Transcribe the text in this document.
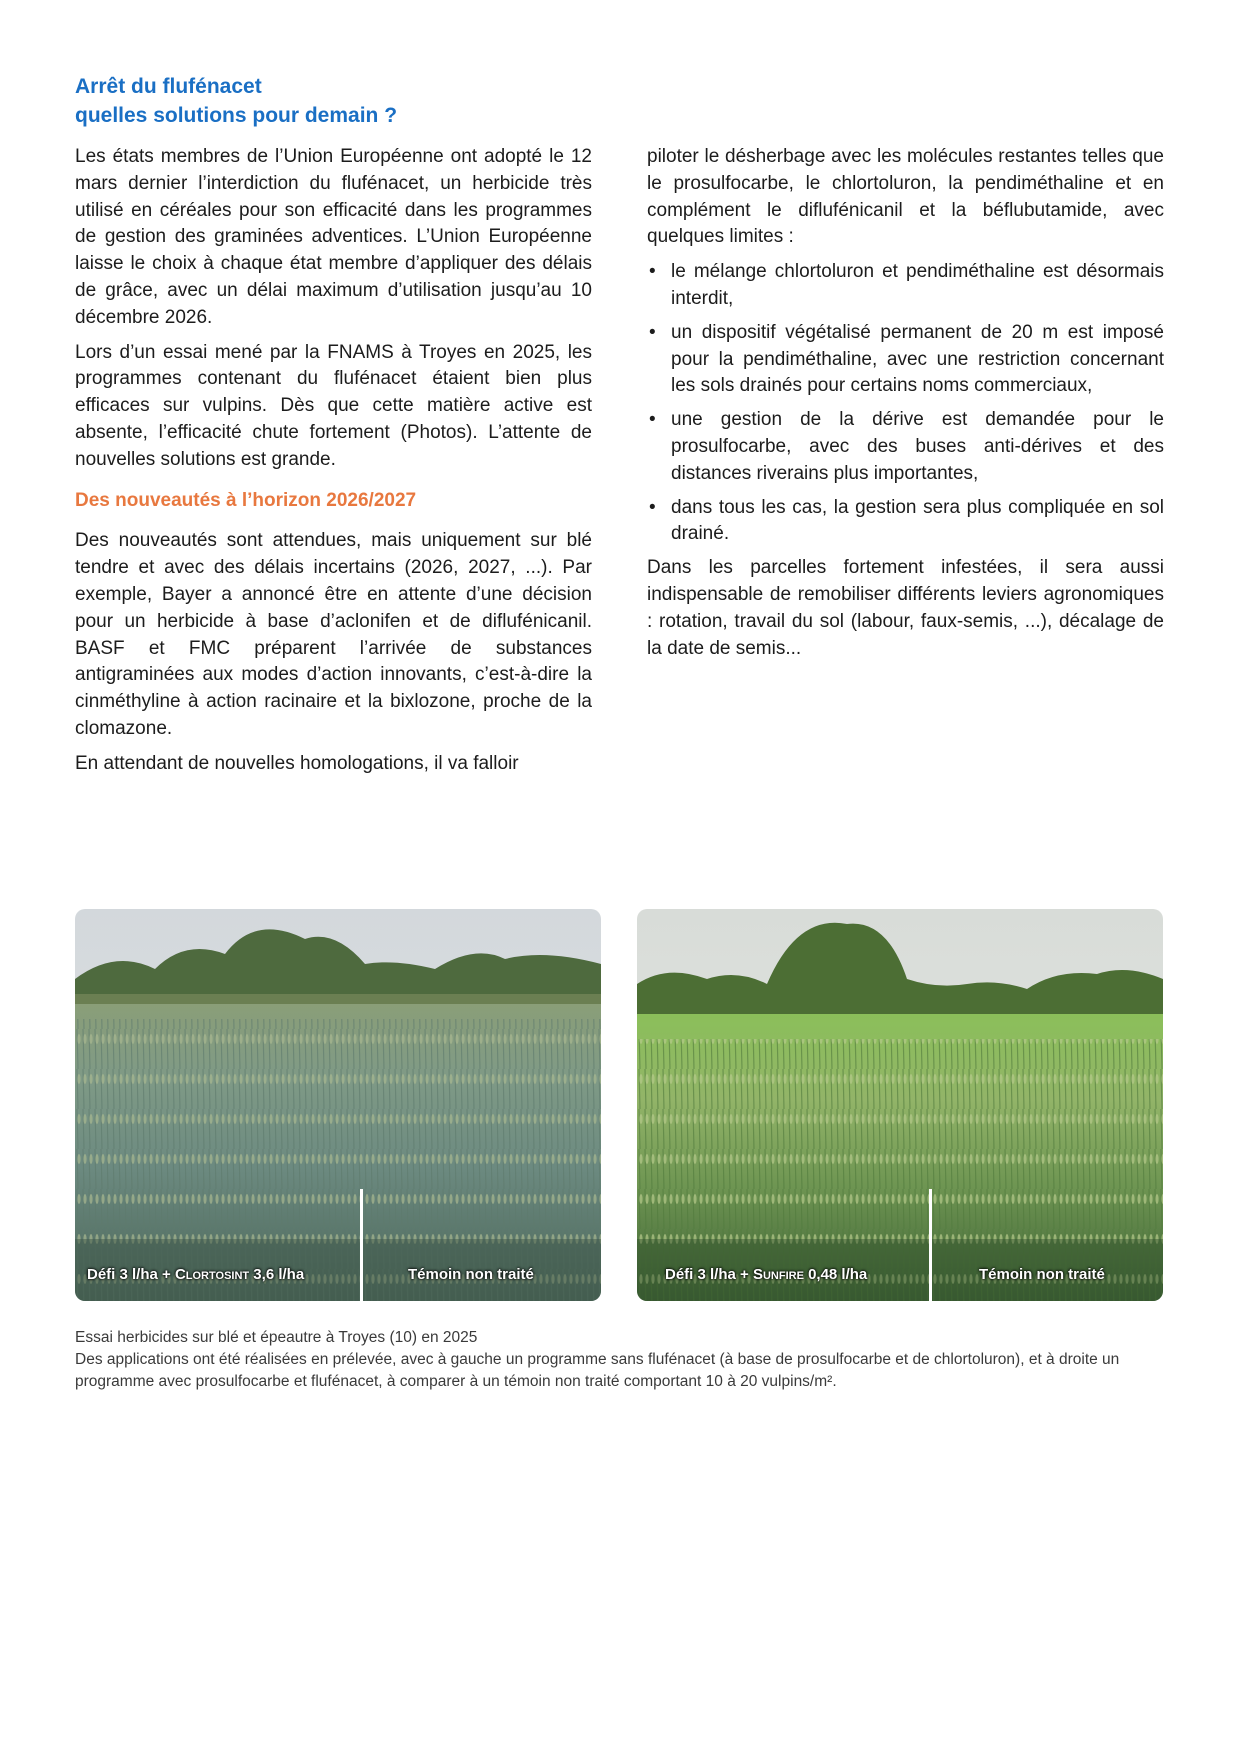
Arrêt du flufénacet
quelles solutions pour demain ?

Les états membres de l’Union Européenne ont adopté le 12 mars dernier l’interdiction du flufénacet, un herbicide très utilisé en céréales pour son efficacité dans les programmes de gestion des graminées adventices. L’Union Européenne laisse le choix à chaque état membre d’appliquer des délais de grâce, avec un délai maximum d’utilisation jusqu’au 10 décembre 2026.

Lors d’un essai mené par la FNAMS à Troyes en 2025, les programmes contenant du flufénacet étaient bien plus efficaces sur vulpins. Dès que cette matière active est absente, l’efficacité chute fortement (Photos). L’attente de nouvelles solutions est grande.

Des nouveautés à l’horizon 2026/2027

Des nouveautés sont attendues, mais uniquement sur blé tendre et avec des délais incertains (2026, 2027, ...). Par exemple, Bayer a annoncé être en attente d’une décision pour un herbicide à base d’aclonifen et de diflufénicanil. BASF et FMC préparent l’arrivée de substances antigraminées aux modes d’action innovants, c’est-à-dire la cinméthyline à action racinaire et la bixlozone, proche de la clomazone.

En attendant de nouvelles homologations, il va falloir

piloter le désherbage avec les molécules restantes telles que le prosulfocarbe, le chlortoluron, la pendiméthaline et en complément le diflufénicanil et la béflubutamide, avec quelques limites :

• le mélange chlortoluron et pendiméthaline est désormais interdit,
• un dispositif végétalisé permanent de 20 m est imposé pour la pendiméthaline, avec une restriction concernant les sols drainés pour certains noms commerciaux,
• une gestion de la dérive est demandée pour le prosulfocarbe, avec des buses anti-dérives et des distances riverains plus importantes,
• dans tous les cas, la gestion sera plus compliquée en sol drainé.

Dans les parcelles fortement infestées, il sera aussi indispensable de remobiliser différents leviers agronomiques : rotation, travail du sol (labour, faux-semis, ...), décalage de la date de semis...

Défi 3 l/ha + Clortosint 3,6 l/ha	Témoin non traité	Défi 3 l/ha + Sunfire 0,48 l/ha	Témoin non traité
Essai herbicides sur blé et épeautre à Troyes (10) en 2025
Des applications ont été réalisées en prélevée, avec à gauche un programme sans flufénacet (à base de prosulfocarbe et de chlortoluron), et à droite un programme avec prosulfocarbe et flufénacet, à comparer à un témoin non traité comportant 10 à 20 vulpins/m².
